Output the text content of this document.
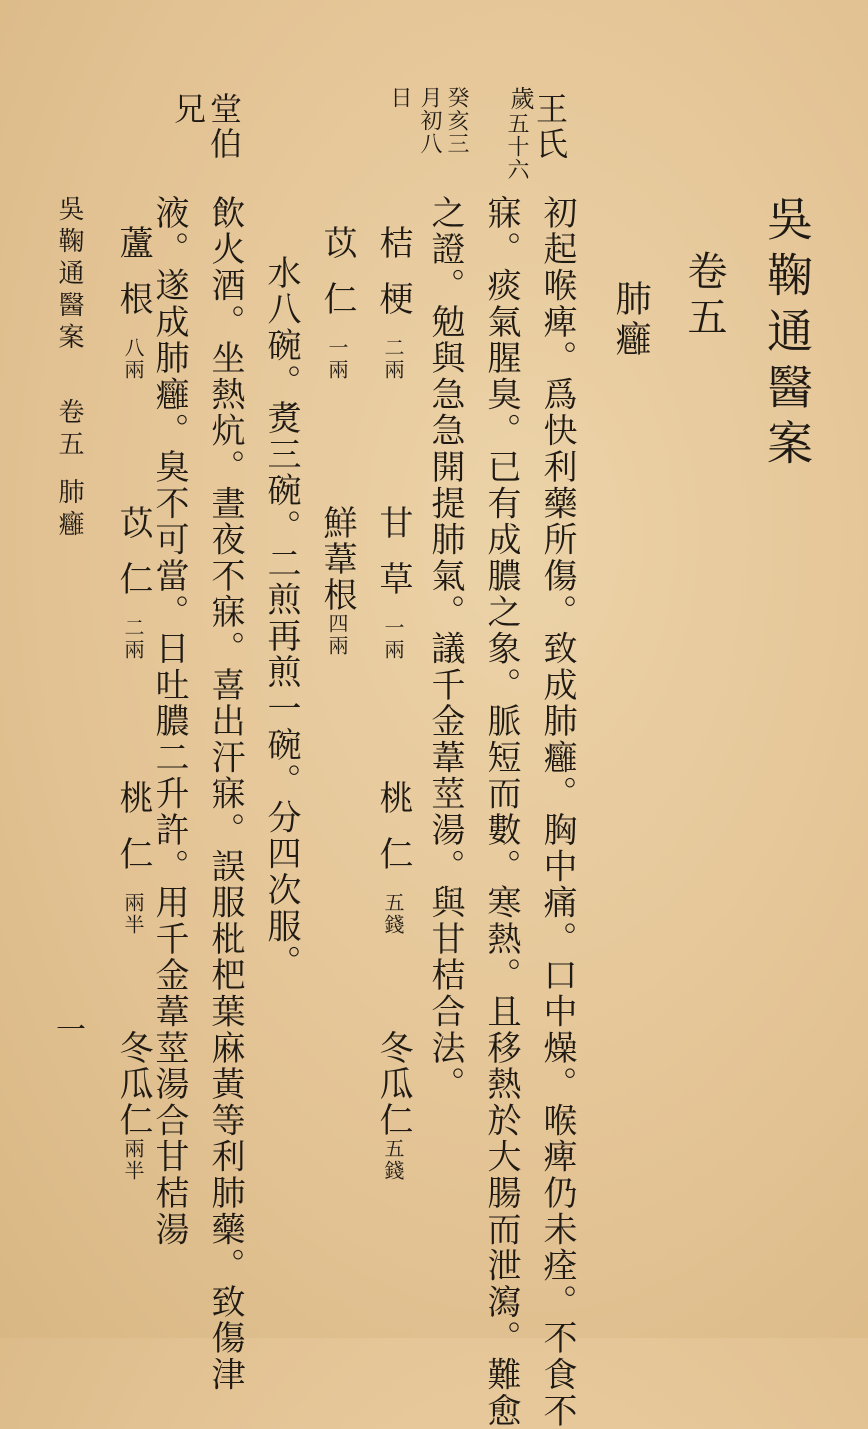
吳鞠通醫案
卷五
肺癰
王氏
歲
五十六
癸亥三
月初八
日
初起喉痺。爲快利藥所傷。致成肺癰。胸中痛。口中燥。喉痺仍未痊。不食不
寐。痰氣腥臭。已有成膿之象。脈短而數。寒熱。且移熱於大腸而泄瀉。難愈
之證。勉與急急開提肺氣。議千金葦莖湯。與甘桔合法。
桔梗二兩
甘草一兩
桃仁五錢
冬瓜仁五錢
苡仁一兩
鮮葦根四兩
水八碗。煑三碗。二煎再煎一碗。分四次服。
堂伯
兄
飲火酒。坐熱炕。晝夜不寐。喜出汗寐。誤服枇杷葉麻黃等利肺藥。致傷津
液。遂成肺癰。臭不可當。日吐膿二升許。用千金葦莖湯合甘桔湯
蘆根八兩
苡仁二兩
桃仁兩半
冬瓜仁兩半
吳鞠通醫案
卷五
肺癰
一
